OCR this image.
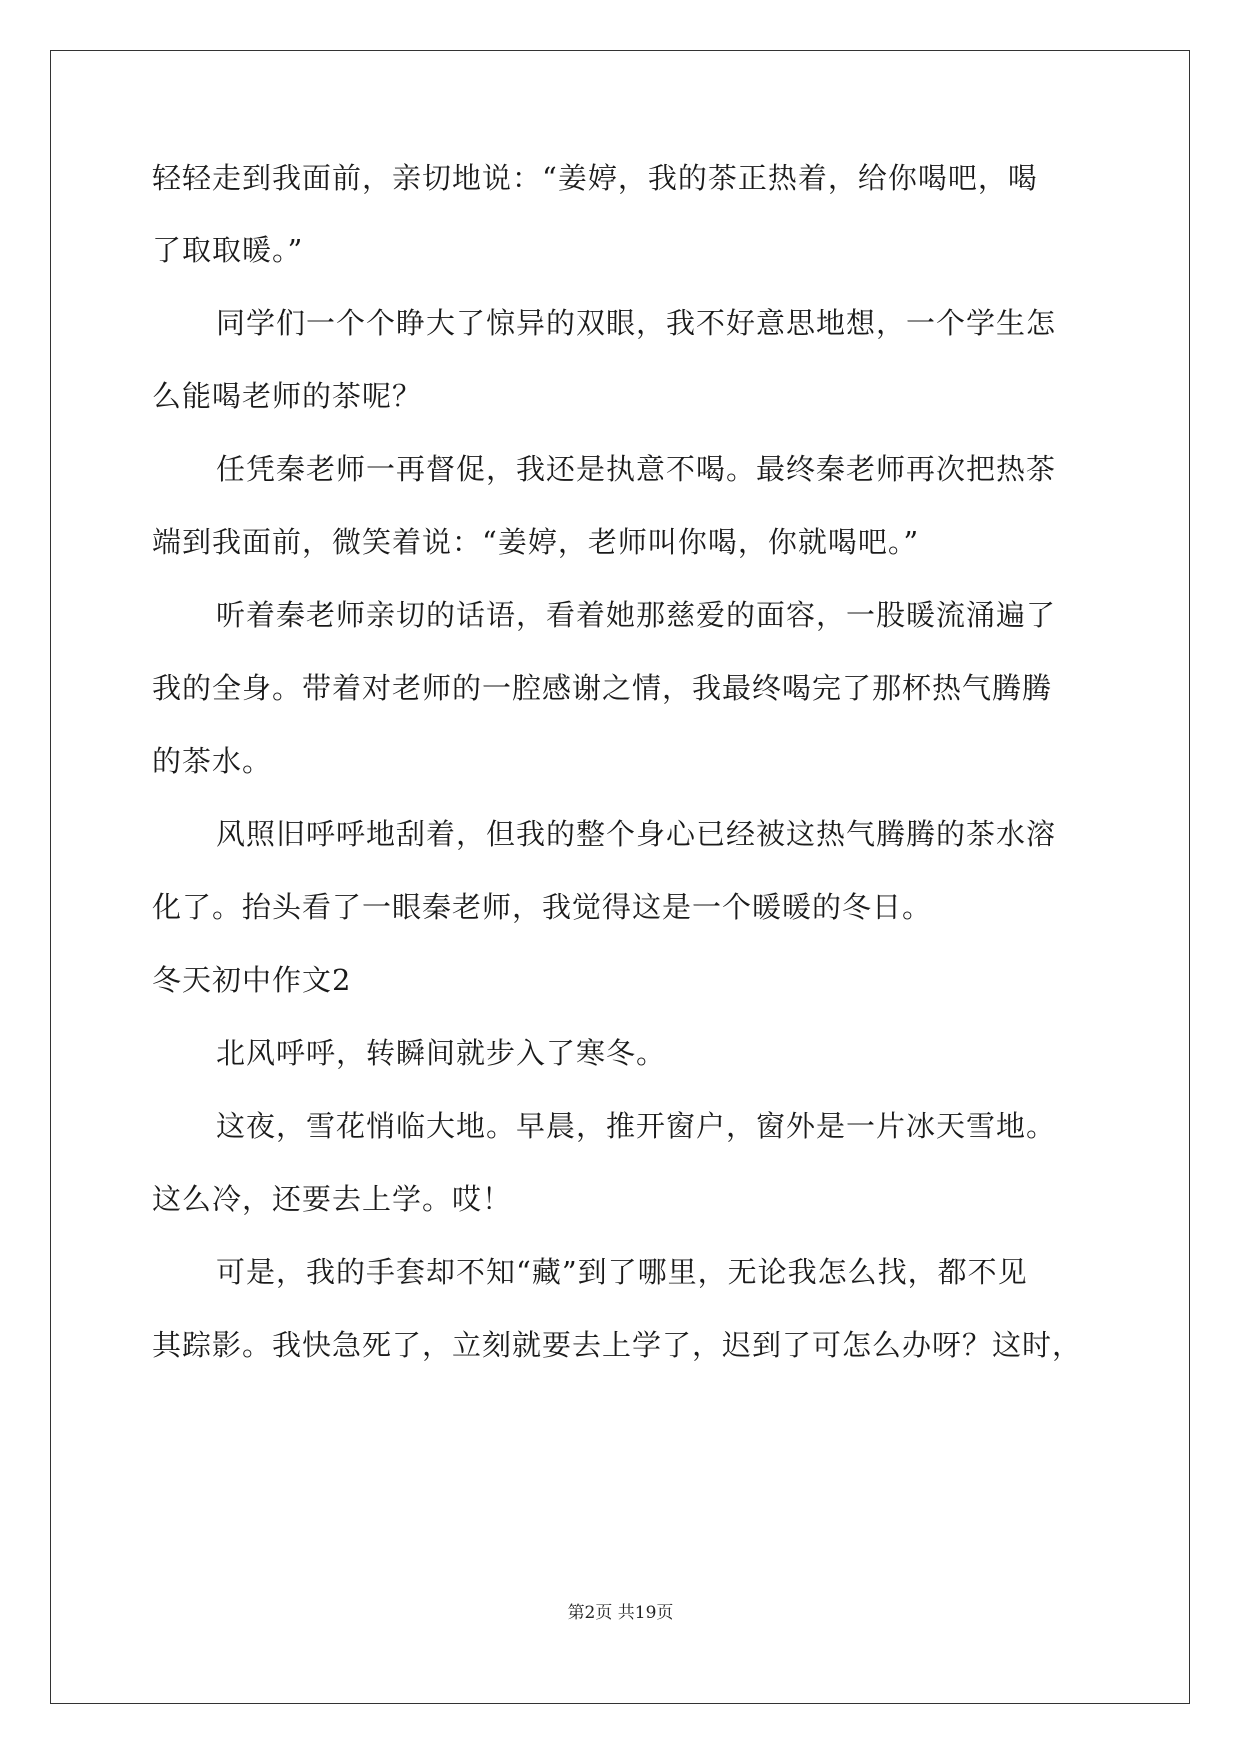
轻轻走到我面前，亲切地说：“姜婷，我的茶正热着，给你喝吧，喝
了取取暖。”
同学们一个个睁大了惊异的双眼，我不好意思地想，一个学生怎
么能喝老师的茶呢？
任凭秦老师一再督促，我还是执意不喝。最终秦老师再次把热茶
端到我面前，微笑着说：“姜婷，老师叫你喝，你就喝吧。”
听着秦老师亲切的话语，看着她那慈爱的面容，一股暖流涌遍了
我的全身。带着对老师的一腔感谢之情，我最终喝完了那杯热气腾腾
的茶水。
风照旧呼呼地刮着，但我的整个身心已经被这热气腾腾的茶水溶
化了。抬头看了一眼秦老师，我觉得这是一个暖暖的冬日。
冬天初中作文2
北风呼呼，转瞬间就步入了寒冬。
这夜，雪花悄临大地。早晨，推开窗户，窗外是一片冰天雪地。
这么冷，还要去上学。哎！
可是，我的手套却不知“藏”到了哪里，无论我怎么找，都不见
其踪影。我快急死了，立刻就要去上学了，迟到了可怎么办呀？这时，
第2页 共19页
